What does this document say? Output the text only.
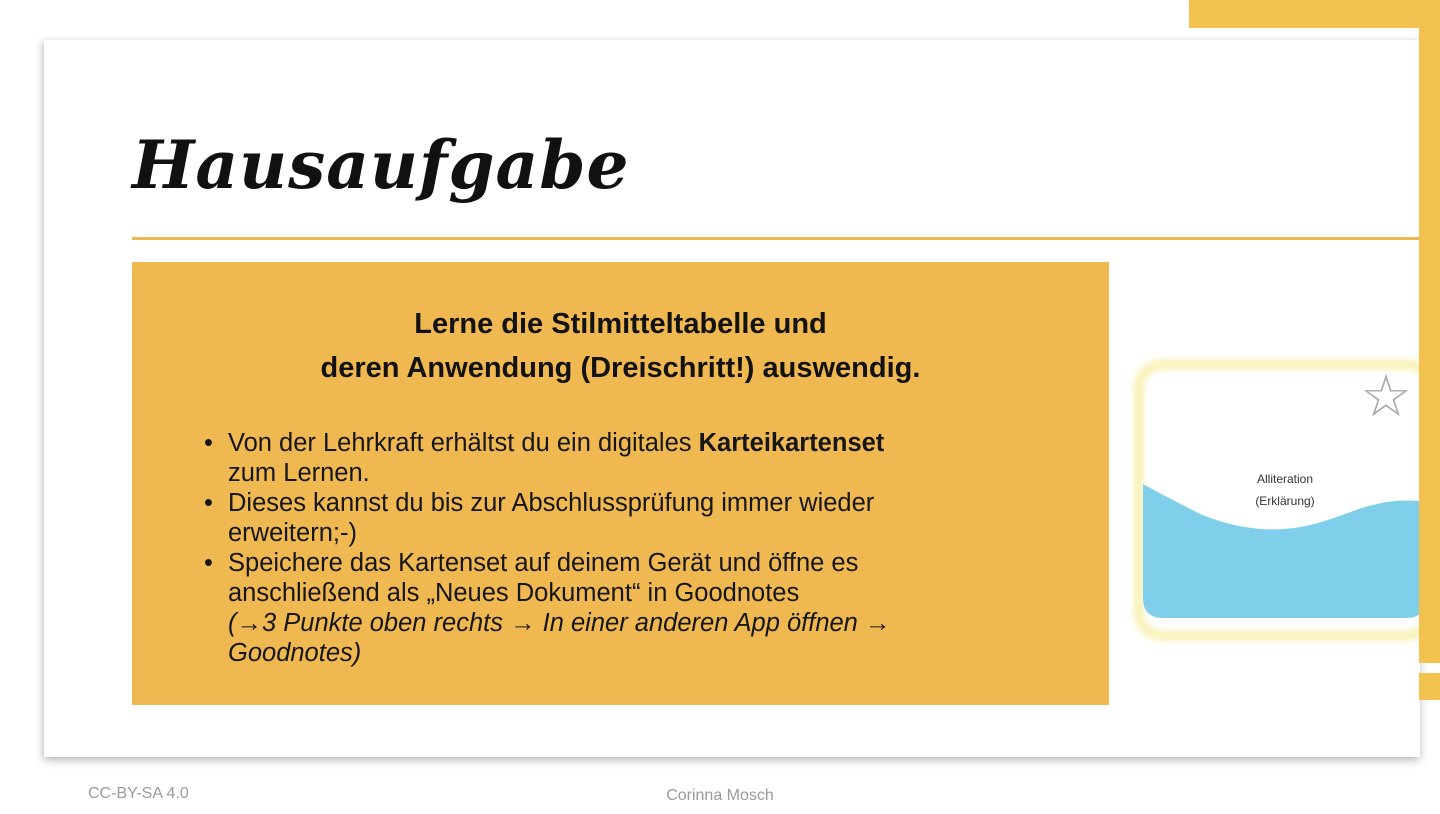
Hausaufgabe
Lerne die Stilmitteltabelle und
deren Anwendung (Dreischritt!) auswendig.
• Von der Lehrkraft erhältst du ein digitales Karteikartenset
zum Lernen.
• Dieses kannst du bis zur Abschlussprüfung immer wieder
erweitern;-)
• Speichere das Kartenset auf deinem Gerät und öffne es
anschließend als „Neues Dokument“ in Goodnotes
(→3 Punkte oben rechts → In einer anderen App öffnen →
Goodnotes)
☆
Alliteration
(Erklärung)
CC-BY-SA 4.0	Corinna Mosch
